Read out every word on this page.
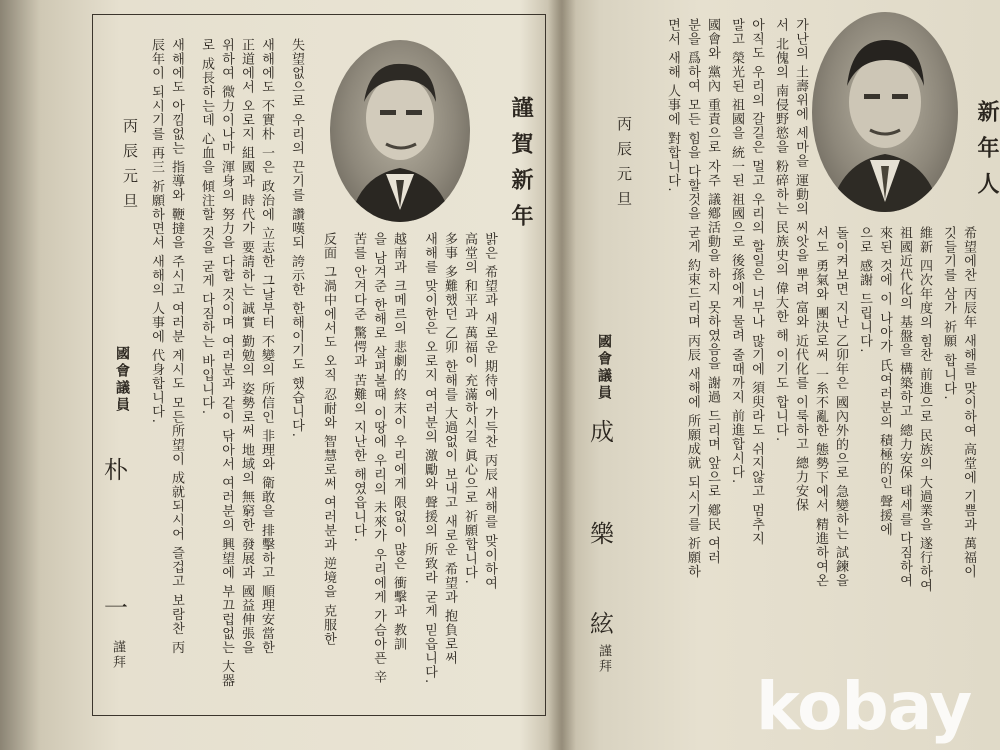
謹賀新年
밝은 希望과 새로운 期待에 가득찬 丙辰 새해를 맞이하여
高堂의 和平과 萬福이 充滿하시길 眞心으로 祈願합니다.
多事 多難했던 乙卯 한해를 大過없이 보내고 새로운 希望과 抱負로써
새해를 맞이한은 오로지 여러분의 激勵와 聲援의 所致라 굳게 믿읍니다.
越南과 크메르의 悲劇的 終末이 우리에게 限없이 많은 衝擊과 教訓
을 남겨준 한해로 살펴볼때 이땅에 우리의 未來가 우리에게 가슴아픈 辛
苦를 안겨다준 驚愕과 苦難의 지난한 해였읍니다.
反面 그渦中에서도 오직 忍耐와 智慧로써 여러분과 逆境을 克服한
失望없으로 우리의 끈기를 讚嘆되 誇示한 한해이기도 했습니다.
새해에도 不實朴 一은 政治에 立志한 그날부터 不變의 所信인 非理와 衛敢을 排擊하고 順理安當한
正道에서 오로지 組國과 時代가 要請하는 誠實 勤勉의 姿勢로써 地域의 無窮한 發展과 國益伸張을
위하여 微力이나마 渾身의 努力을 다할 것이며 여러분과 같이 닦아서 여러분의 興望에 부끄럽없는 大器
로 成長하는데 心血을 傾注할 것을 굳게 다짐하는 바입니다.
새해에도 아낌없는 指導와 鞭撻을 주시고 여러분 계시도 모든所望이 成就되시어 즐겁고 보람찬 丙
辰年이 되시기를 再三 祈願하면서 새해의 人事에 代身합니다.
丙辰元旦
國會議員
朴
一
謹拜
新年人
希望에찬 丙辰年 새해를 맞이하여 高堂에 기쁨과 萬福이
깃들기를 삼가 祈願 합니다.
維新 四次年度의 힘찬 前進으로 民族의 大過業을 遂行하여
祖國近代化의 基盤을 構築하고 總力安保 태세를 다짐하여
來된 것에 이 나아가 氏여러분의 積極的인 聲援에
으로 感謝 드립니다.
돌이켜보면 지난 乙卯年은 國內外的으로 急變하는 試鍊을
서도 勇氣와 團決로써 一糸不亂한 態勢下에서 精進하여온
가난의 土壽위에 세마을 運動의 씨앗을 뿌려 富와 近代化를 이룩하고 總力安保
서 北傀의 南侵野慾을 粉碎하는 民族史의 偉大한 해 이기도 합니다.
아직도 우리의 갈길은 멀고 우리의 할일은 너무나 많기에 須臾라도 쉬지않고 멈추지
말고 榮光된 祖國을 統一된 祖國으로 後孫에게 물려 줄때까지 前進합시다.
國會와 黨內 重責으로 자주 議鄕活動을 하지 못하였음을 謝過 드리며 앞으로 鄕民 여러
분을 爲하여 모든 힘을 다할것을 굳게 約束드리며 丙辰 새해에 所願成就 되시기를 祈願하
면서 새해 人事에 對합니다.
丙辰元旦
國會議員
成
樂
絃
謹拜
kobay
